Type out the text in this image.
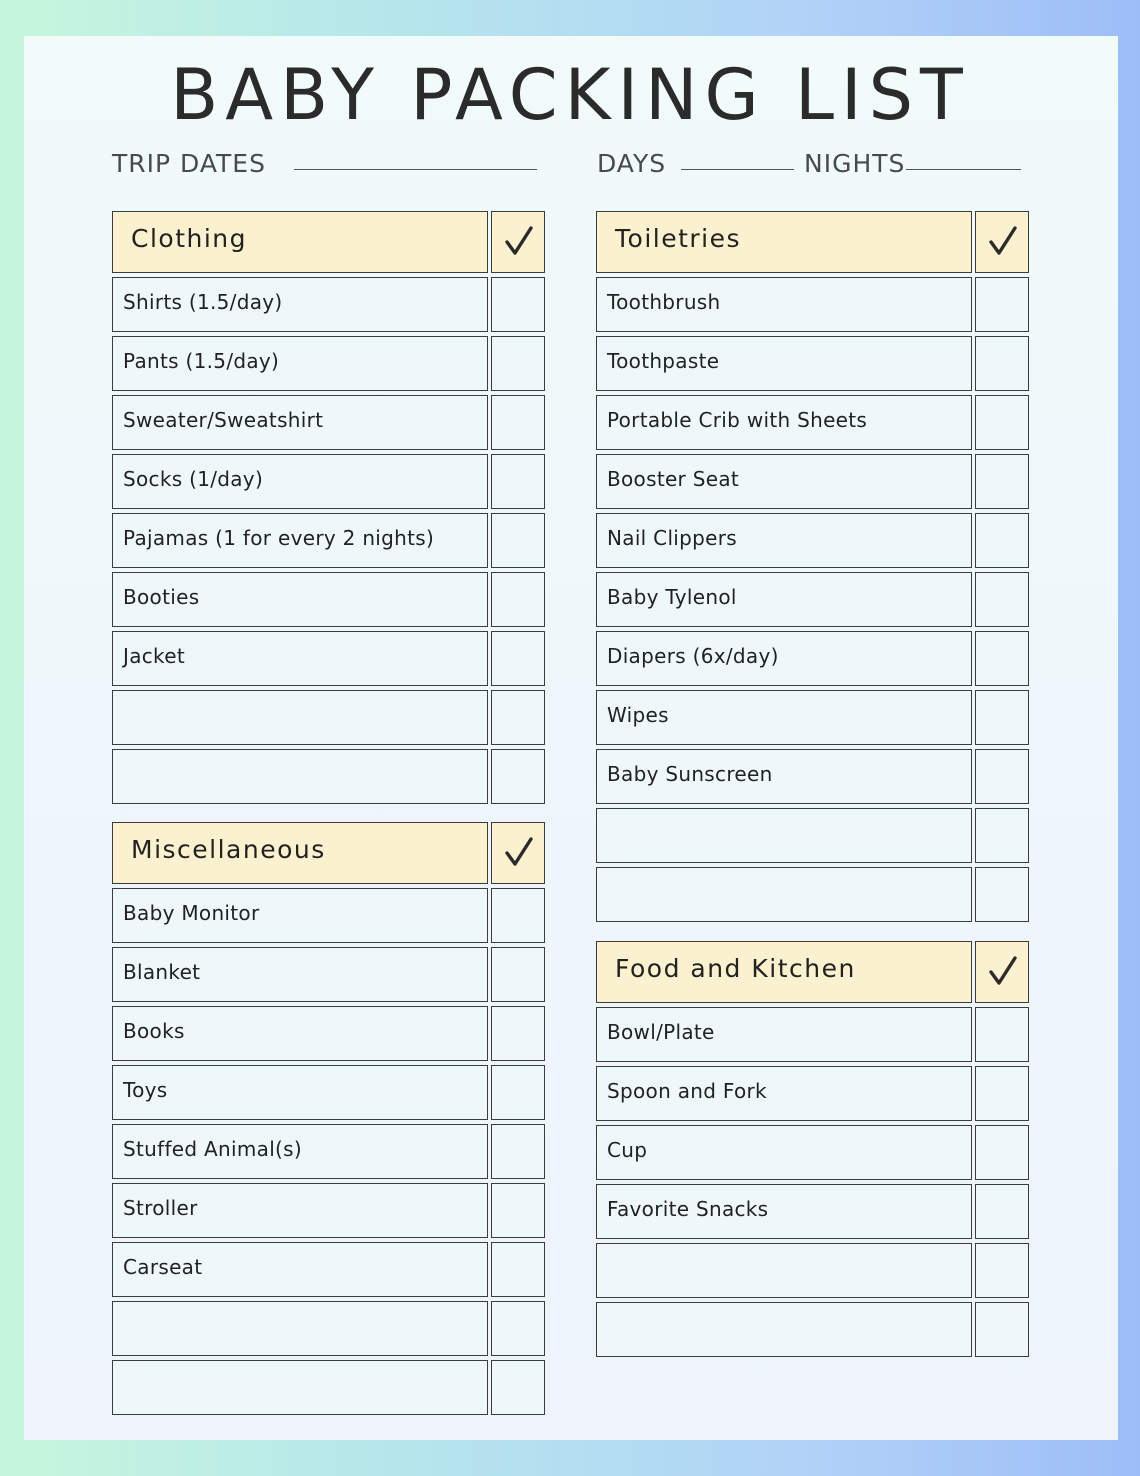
BABY PACKING LIST
TRIP DATES	DAYS	NIGHTS
Clothing
Shirts (1.5/day)
Pants (1.5/day)
Sweater/Sweatshirt
Socks (1/day)
Pajamas (1 for every 2 nights)
Booties
Jacket
Miscellaneous
Baby Monitor
Blanket
Books
Toys
Stuffed Animal(s)
Stroller
Carseat
Toiletries
Toothbrush
Toothpaste
Portable Crib with Sheets
Booster Seat
Nail Clippers
Baby Tylenol
Diapers (6x/day)
Wipes
Baby Sunscreen
Food and Kitchen
Bowl/Plate
Spoon and Fork
Cup
Favorite Snacks
